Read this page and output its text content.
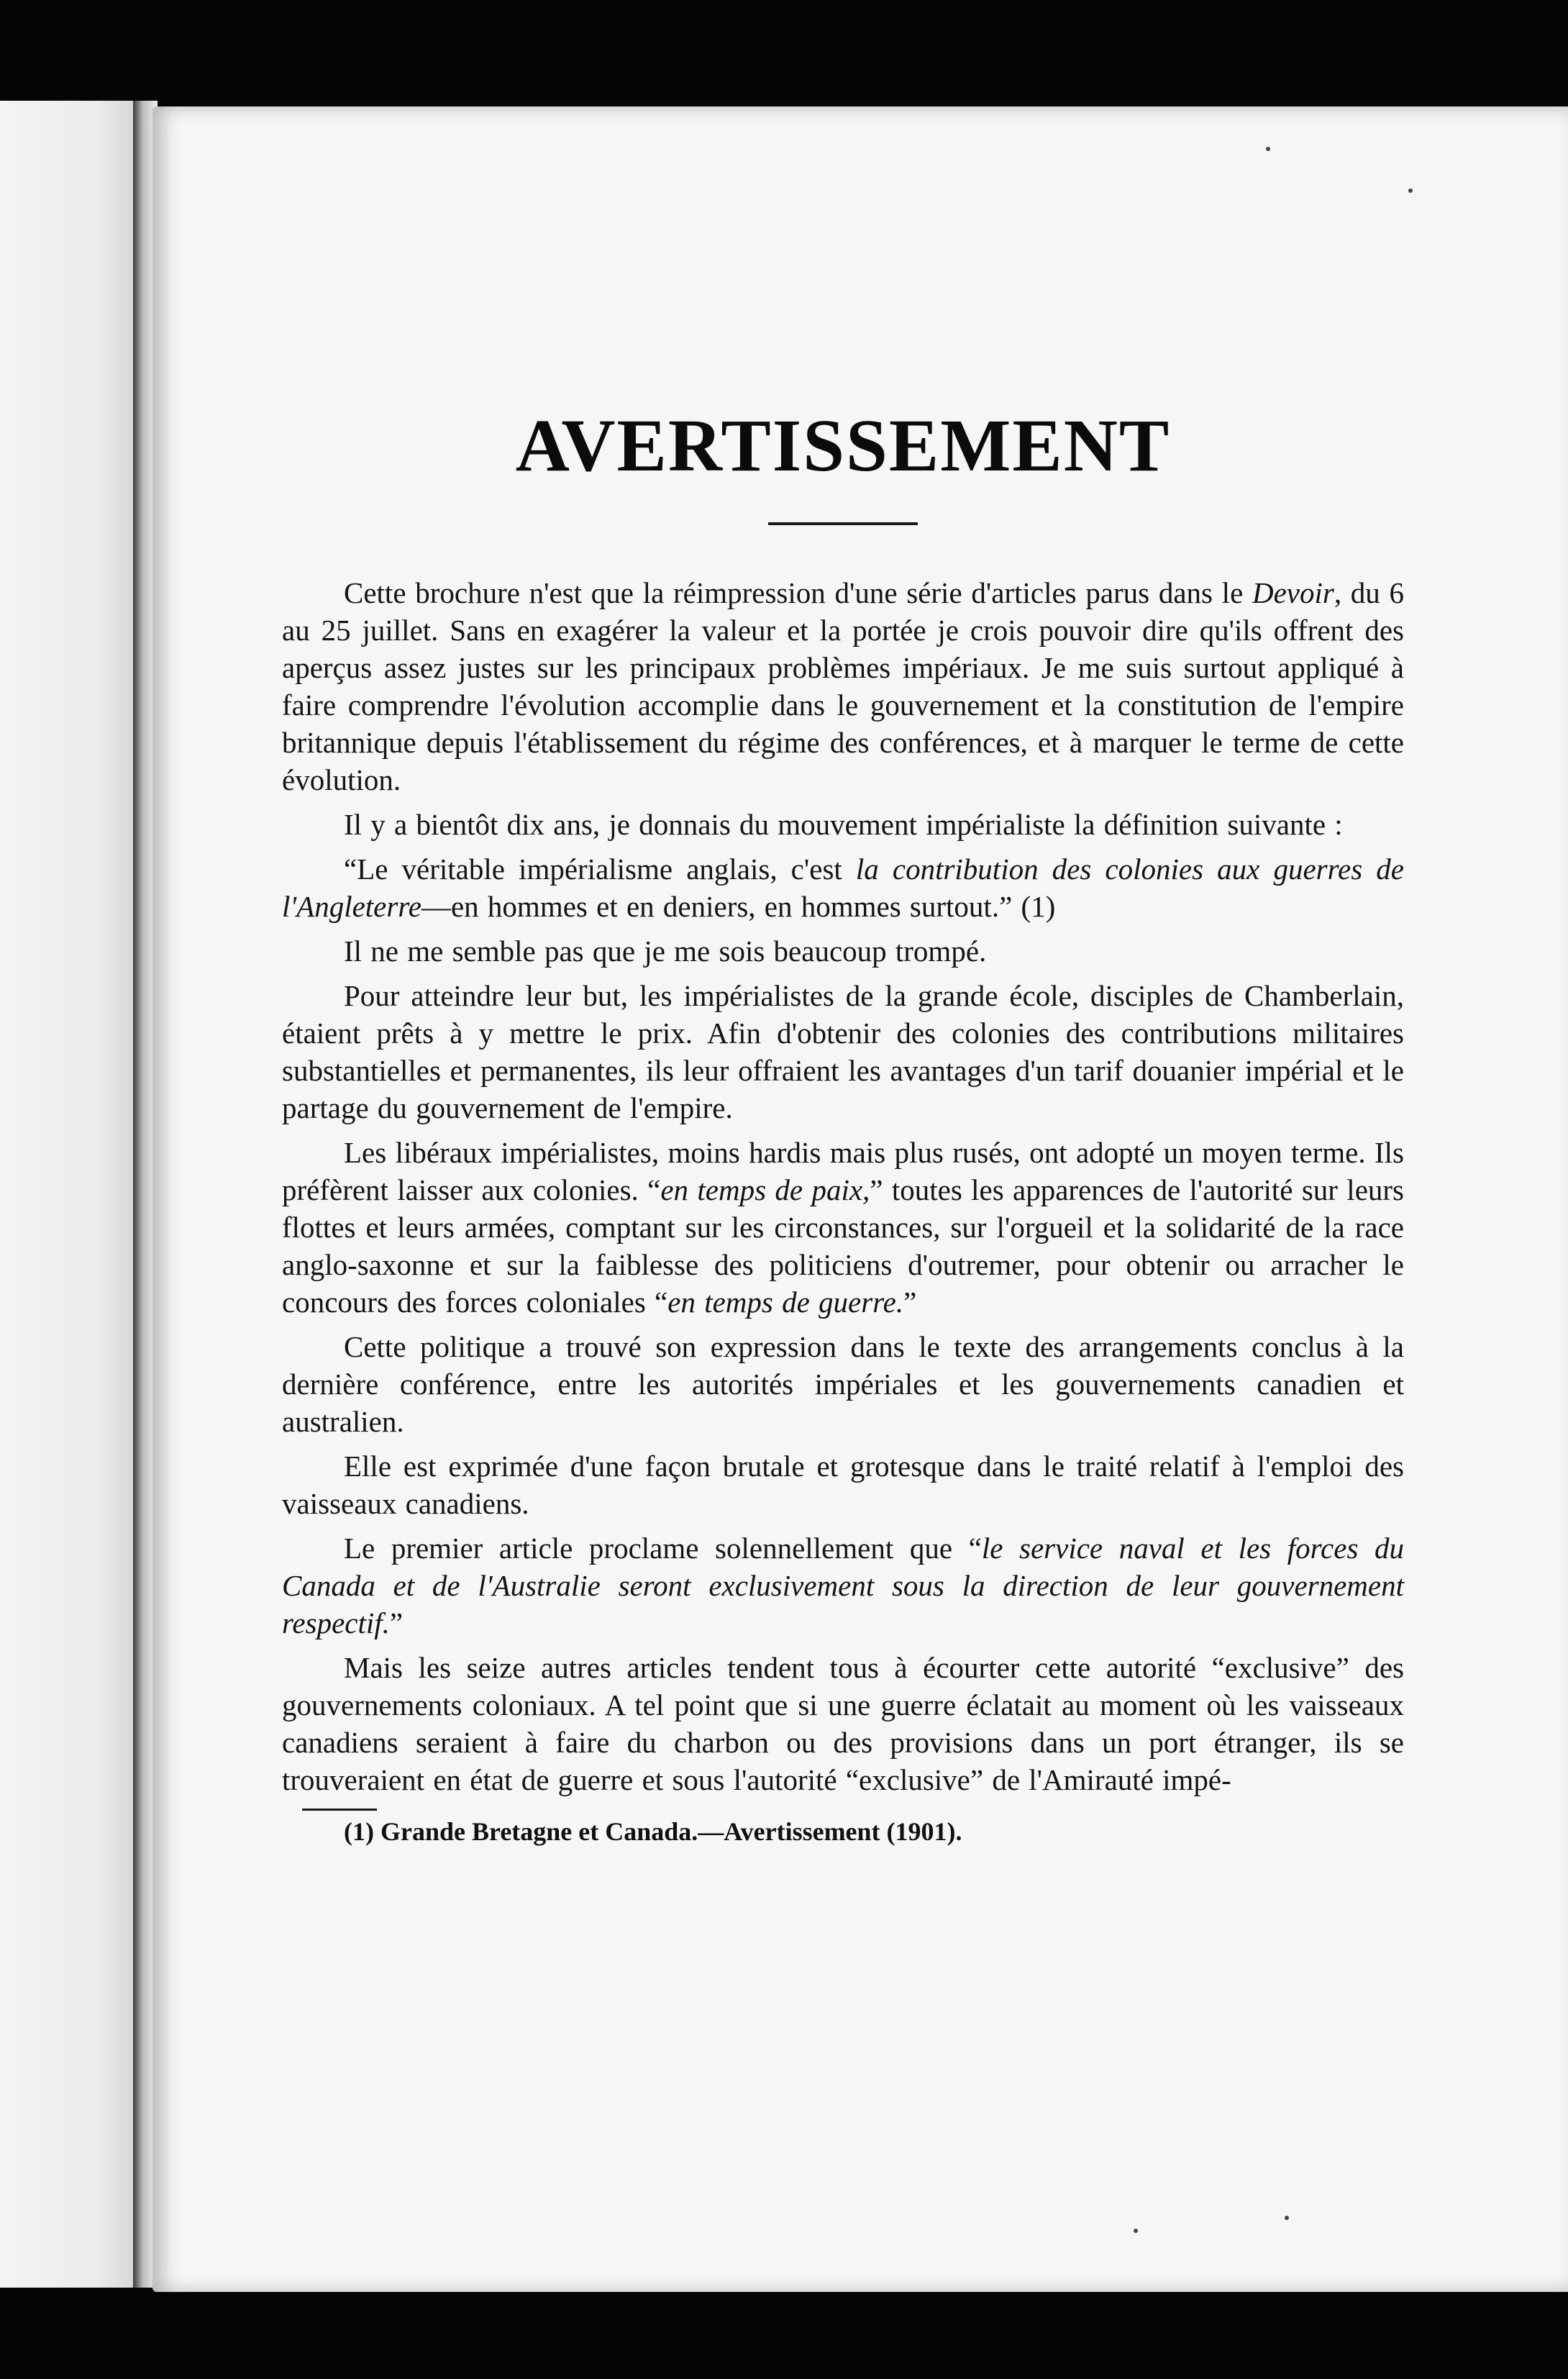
AVERTISSEMENT

Cette brochure n'est que la réimpression d'une série d'articles parus dans le Devoir, du 6 au 25 juillet. Sans en exagérer la valeur et la portée je crois pouvoir dire qu'ils offrent des aperçus assez justes sur les principaux problèmes impériaux. Je me suis surtout appliqué à faire comprendre l'évolution accomplie dans le gouvernement et la constitution de l'empire britannique depuis l'établissement du régime des conférences, et à marquer le terme de cette évolution.

Il y a bientôt dix ans, je donnais du mouvement impérialiste la définition suivante :

“Le véritable impérialisme anglais, c'est la contribution des colonies aux guerres de l'Angleterre—en hommes et en deniers, en hommes surtout.” (1)

Il ne me semble pas que je me sois beaucoup trompé.

Pour atteindre leur but, les impérialistes de la grande école, disciples de Chamberlain, étaient prêts à y mettre le prix. Afin d'obtenir des colonies des contributions militaires substantielles et permanentes, ils leur offraient les avantages d'un tarif douanier impérial et le partage du gouvernement de l'empire.

Les libéraux impérialistes, moins hardis mais plus rusés, ont adopté un moyen terme. Ils préfèrent laisser aux colonies. “en temps de paix,” toutes les apparences de l'autorité sur leurs flottes et leurs armées, comptant sur les circonstances, sur l'orgueil et la solidarité de la race anglo-saxonne et sur la faiblesse des politiciens d'outremer, pour obtenir ou arracher le concours des forces coloniales “en temps de guerre.”

Cette politique a trouvé son expression dans le texte des arrangements conclus à la dernière conférence, entre les autorités impériales et les gouvernements canadien et australien.

Elle est exprimée d'une façon brutale et grotesque dans le traité relatif à l'emploi des vaisseaux canadiens.

Le premier article proclame solennellement que “le service naval et les forces du Canada et de l'Australie seront exclusivement sous la direction de leur gouvernement respectif.”

Mais les seize autres articles tendent tous à écourter cette autorité “exclusive” des gouvernements coloniaux. A tel point que si une guerre éclatait au moment où les vaisseaux canadiens seraient à faire du charbon ou des provisions dans un port étranger, ils se trouveraient en état de guerre et sous l'autorité “exclusive” de l'Amirauté impé-

(1) Grande Bretagne et Canada.—Avertissement (1901).
